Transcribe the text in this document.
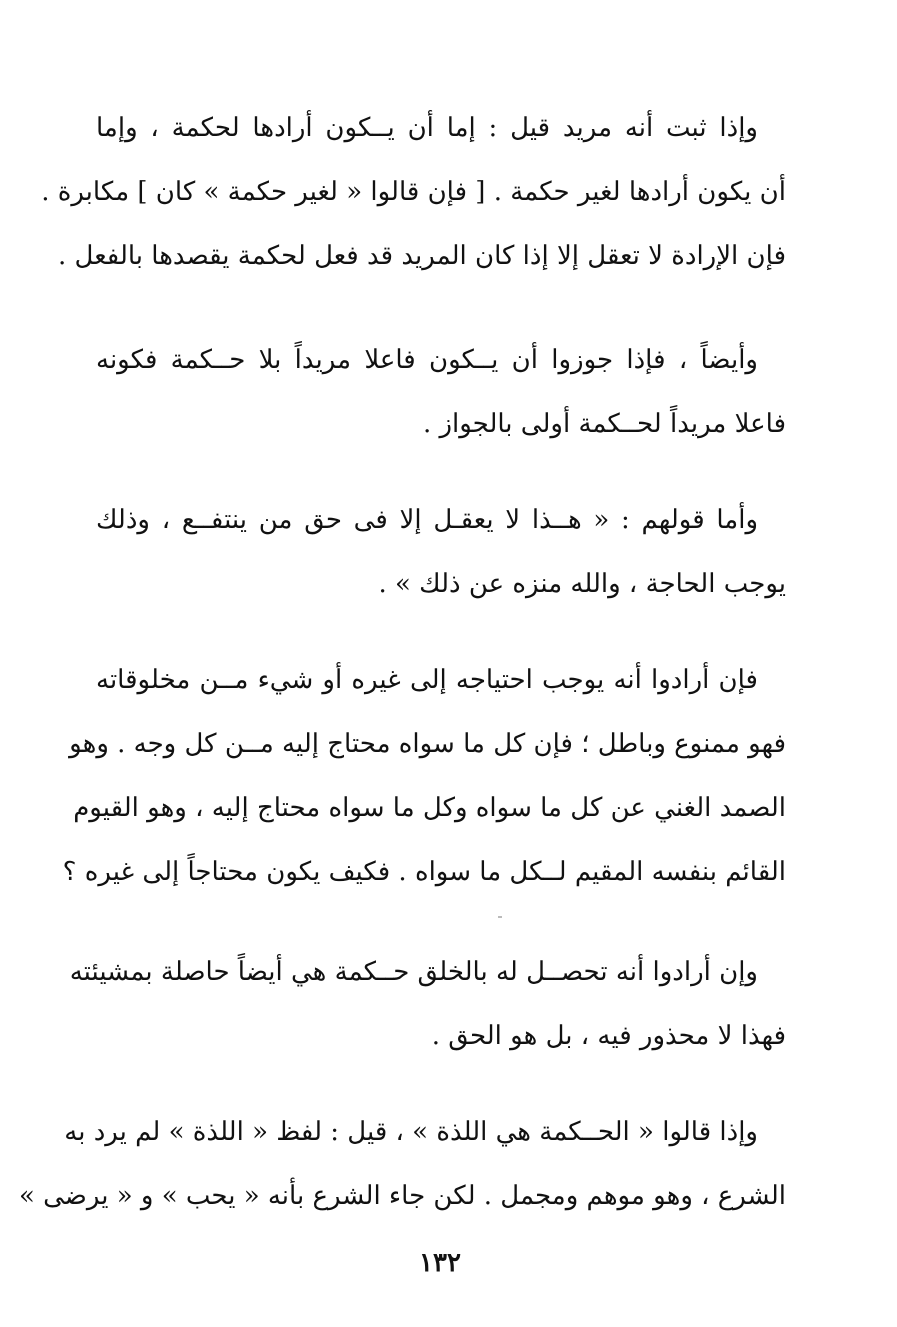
وإذا ثبت أنه مريد قيل : إما أن يــكون أرادها لحكمة ، وإما
أن يكون أرادها لغير حكمة . [ فإن قالوا « لغير حكمة » كان ] مكابرة .
فإن الإرادة لا تعقل إلا إذا كان المريد قد فعل لحكمة يقصدها بالفعل .
وأيضاً ، فإذا جوزوا أن يــكون فاعلا مريداً بلا حــكمة فكونه
فاعلا مريداً لحــكمة أولى بالجواز .
وأما قولهم : « هــذا لا يعقـل إلا فى حق من ينتفــع ، وذلك
يوجب الحاجة ، والله منزه عن ذلك » .
فإن أرادوا أنه يوجب احتياجه إلى غيره أو شيء مــن مخلوقاته
فهو ممنوع وباطل ؛ فإن كل ما سواه محتاج إليه مــن كل وجه . وهو
الصمد الغني عن كل ما سواه وكل ما سواه محتاج إليه ، وهو القيوم
القائم بنفسه المقيم لــكل ما سواه . فكيف يكون محتاجاً إلى غيره ؟
وإن أرادوا أنه تحصــل له بالخلق حــكمة هي أيضاً حاصلة بمشيئته
فهذا لا محذور فيه ، بل هو الحق .
وإذا قالوا « الحــكمة هي اللذة » ، قيل : لفظ « اللذة » لم يرد به
الشرع ، وهو موهم ومجمل . لكن جاء الشرع بأنه « يحب » و « يرضى »
١٣٢
